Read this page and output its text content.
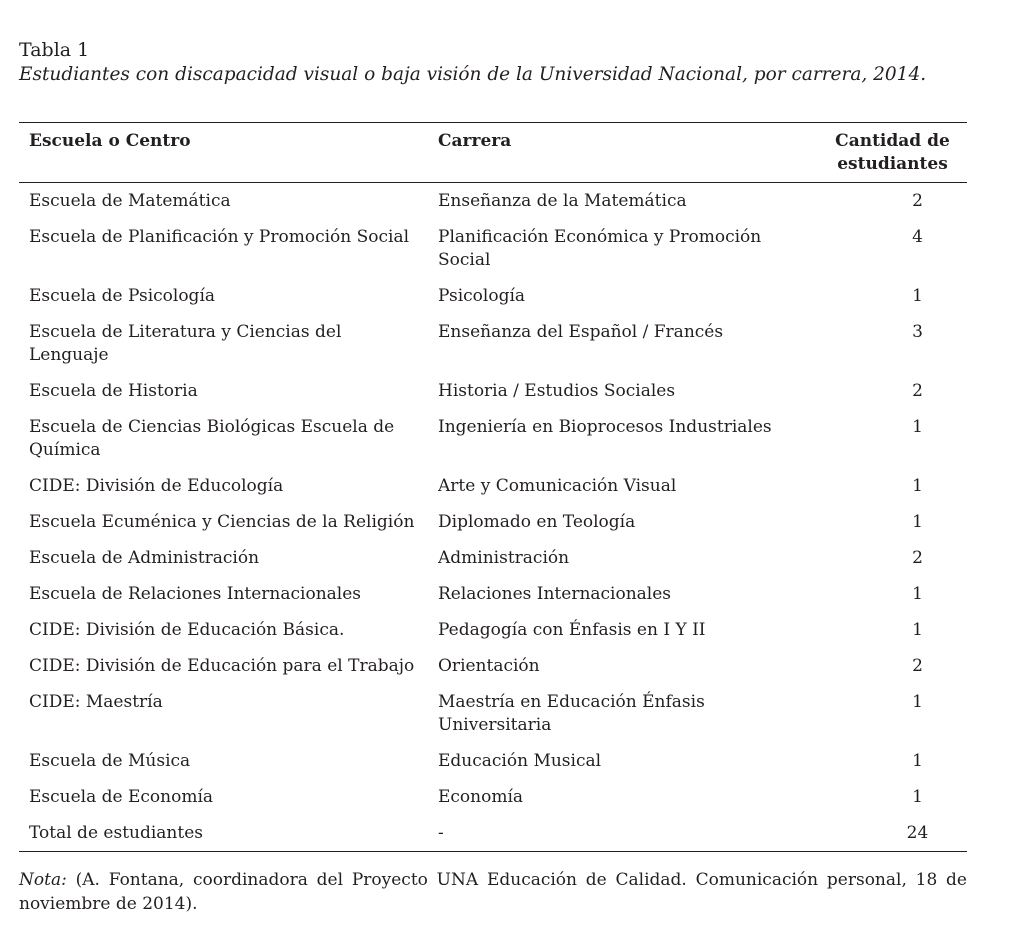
Tabla 1

Estudiantes con discapacidad visual o baja visión de la Universidad Nacional, por carrera, 2014.

Escuela o Centro	Carrera	Cantidad de
estudiantes
Escuela de Matemática	Enseñanza de la Matemática	2
Escuela de Planificación y Promoción Social	Planificación Económica y Promoción Social	4
Escuela de Psicología	Psicología	1
Escuela de Literatura y Ciencias del Lenguaje	Enseñanza del Español / Francés	3
Escuela de Historia	Historia / Estudios Sociales	2
Escuela de Ciencias Biológicas Escuela de Química	Ingeniería en Bioprocesos Industriales	1
CIDE: División de Educología	Arte y Comunicación Visual	1
Escuela Ecuménica y Ciencias de la Religión	Diplomado en Teología	1
Escuela de Administración	Administración	2
Escuela de Relaciones Internacionales	Relaciones Internacionales	1
CIDE: División de Educación Básica.	Pedagogía con Énfasis en I Y II	1
CIDE: División de Educación para el Trabajo	Orientación	2
CIDE: Maestría	Maestría en Educación Énfasis Universitaria	1
Escuela de Música	Educación Musical	1
Escuela de Economía	Economía	1
Total de estudiantes	-	24

Nota: (A. Fontana, coordinadora del Proyecto UNA Educación de Calidad. Comunicación personal, 18 de noviembre de 2014).
